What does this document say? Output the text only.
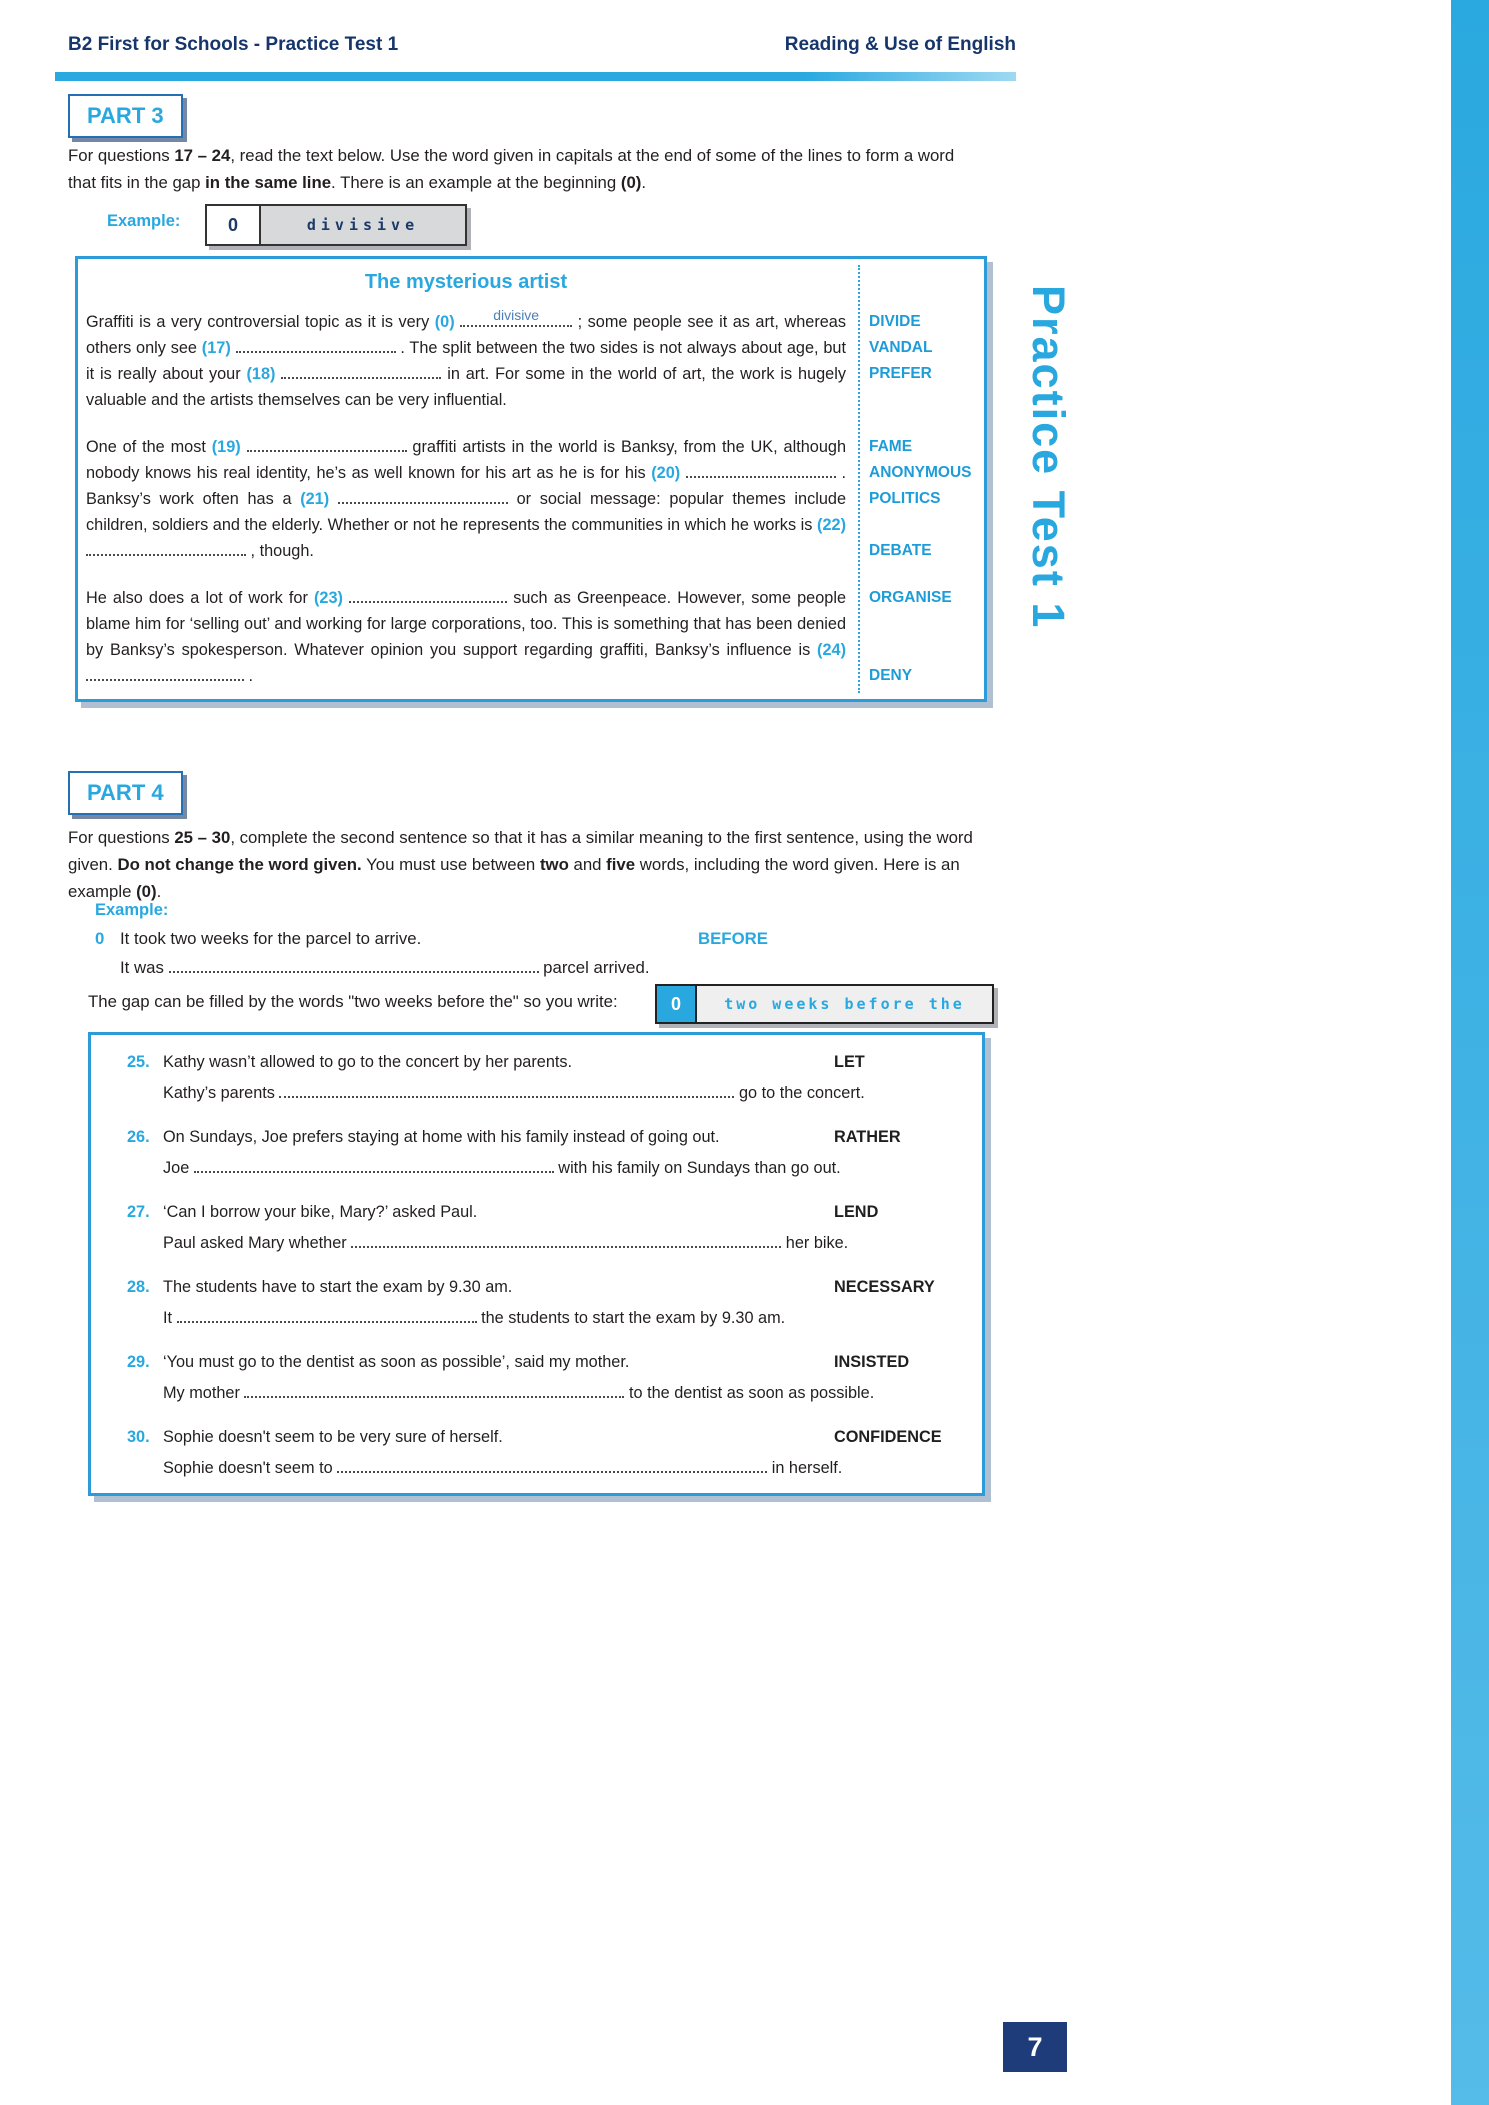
Practice Test 1
7
B2 First for Schools - Practice Test 1	Reading & Use of English
PART 3

For questions 17 – 24, read the text below. Use the word given in capitals at the end of some of the lines to form a word that fits in the gap in the same line. There is an example at the beginning (0).

Example:	0	divisive
The mysterious artist

Graffiti is a very controversial topic as it is very (0)	divisive	; some people see it as art, whereas others only see (17)	. The split between the two sides is not always about age, but it is really about your (18)	in art. For some in the world of art, the work is hugely valuable and the artists themselves can be very influential.

One of the most (19)	graffiti artists in the world is Banksy, from the UK, although nobody knows his real identity, he’s as well known for his art as he is for his (20)	. Banksy’s work often has a (21)	or social message: popular themes include children, soldiers and the elderly. Whether or not he represents the communities in which he works is (22)  , though.

He also does a lot of work for (23)	such as Greenpeace. However, some people blame him for ‘selling out’ and working for large corporations, too. This is something that has been denied by Banksy’s spokesperson. Whatever opinion you support regarding graffiti, Banksy’s influence is (24)  .

DIVIDE
VANDAL
PREFER
FAME
ANONYMOUS
POLITICS
DEBATE
ORGANISE
DENY
PART 4

For questions 25 – 30, complete the second sentence so that it has a similar meaning to the first sentence, using the word given. Do not change the word given. You must use between two and five words, including the word given. Here is an example (0).

Example:
0 It took two weeks for the parcel to arrive.	BEFORE
It was	parcel arrived.
The gap can be filled by the words "two weeks before the" so you write:	0	two weeks before the
25. Kathy wasn’t allowed to go to the concert by her parents.	LET
Kathy’s parents	go to the concert.
26. On Sundays, Joe prefers staying at home with his family instead of going out.	RATHER
Joe	with his family on Sundays than go out.
27. ‘Can I borrow your bike, Mary?’ asked Paul.	LEND
Paul asked Mary whether	her bike.
28. The students have to start the exam by 9.30 am.	NECESSARY
It	the students to start the exam by 9.30 am.
29. ‘You must go to the dentist as soon as possible’, said my mother.	INSISTED
My mother	to the dentist as soon as possible.
30. Sophie doesn't seem to be very sure of herself.	CONFIDENCE
Sophie doesn't seem to	in herself.
